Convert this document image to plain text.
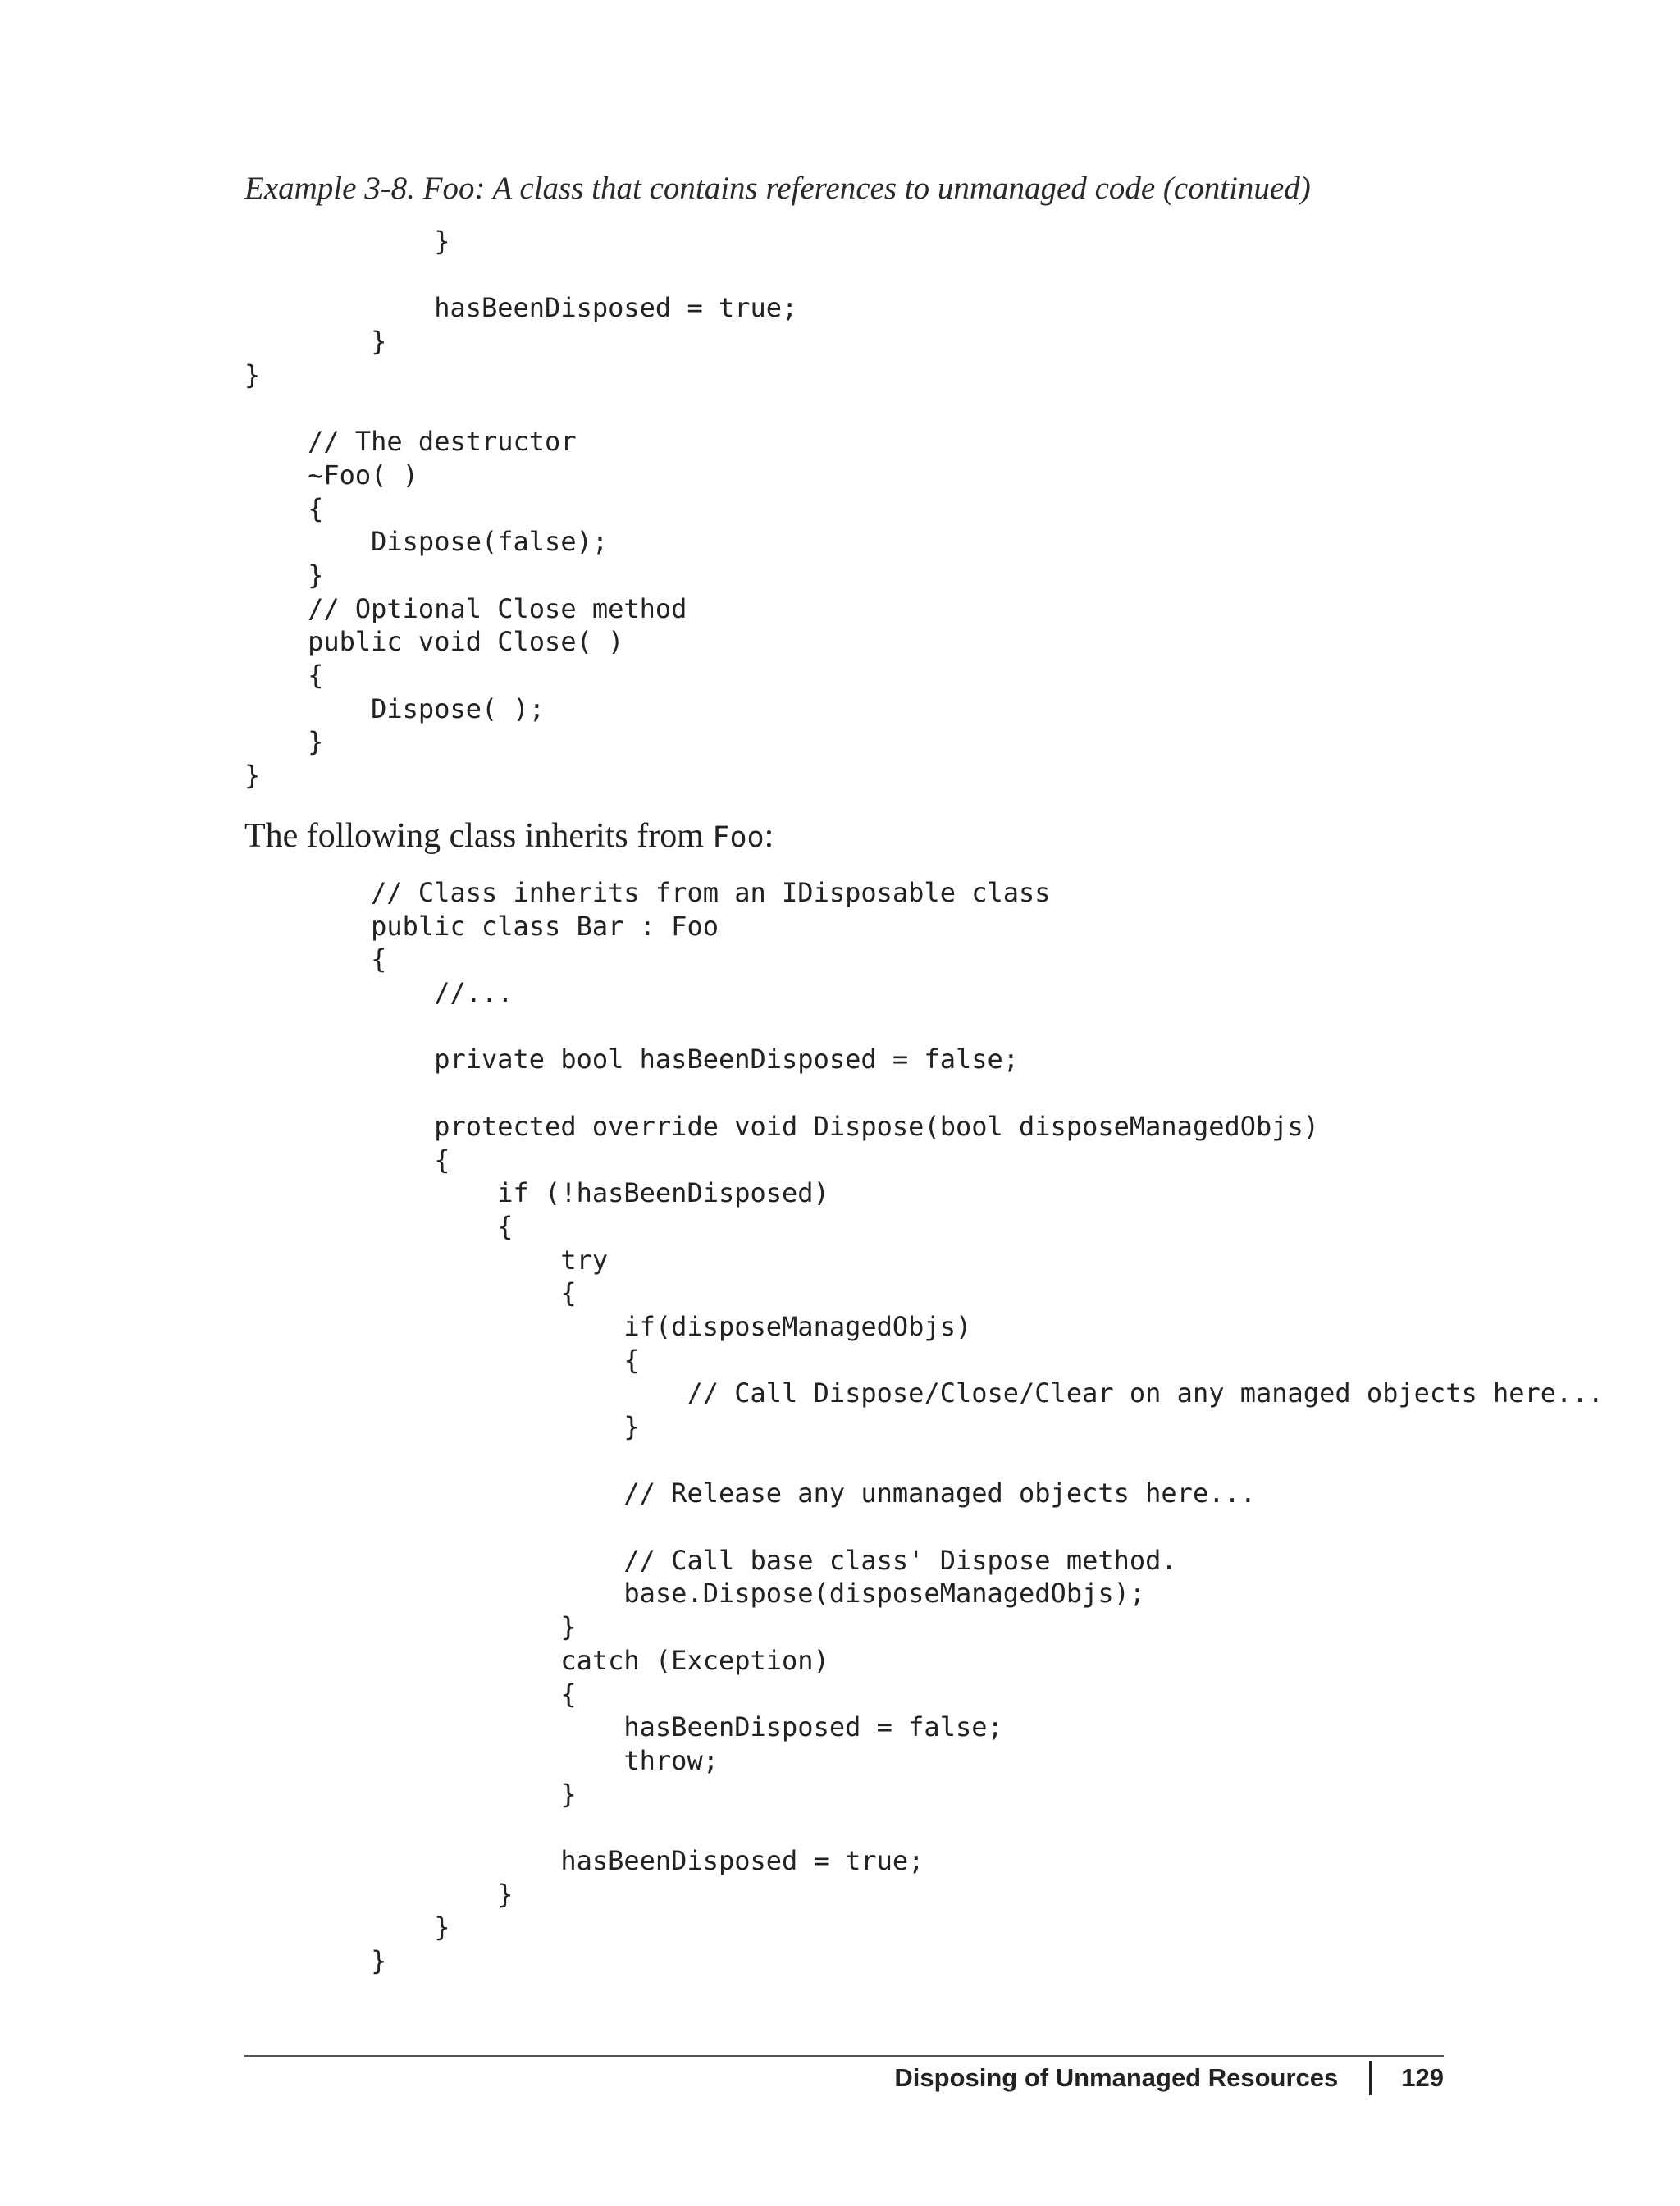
Example 3-8. Foo: A class that contains references to unmanaged code (continued)
}
hasBeenDisposed = true;
}
}
// The destructor
~Foo( )
{
Dispose(false);
}
// Optional Close method
public void Close( )
{
Dispose( );
}
}
The following class inherits from Foo:
// Class inherits from an IDisposable class
public class Bar : Foo
{
//...
private bool hasBeenDisposed = false;
protected override void Dispose(bool disposeManagedObjs)
{
if (!hasBeenDisposed)
{
try
{
if(disposeManagedObjs)
{
// Call Dispose/Close/Clear on any managed objects here...
}
// Release any unmanaged objects here...
// Call base class' Dispose method.
base.Dispose(disposeManagedObjs);
}
catch (Exception)
{
hasBeenDisposed = false;
throw;
}
hasBeenDisposed = true;
}
}
}
Disposing of Unmanaged Resources 129
